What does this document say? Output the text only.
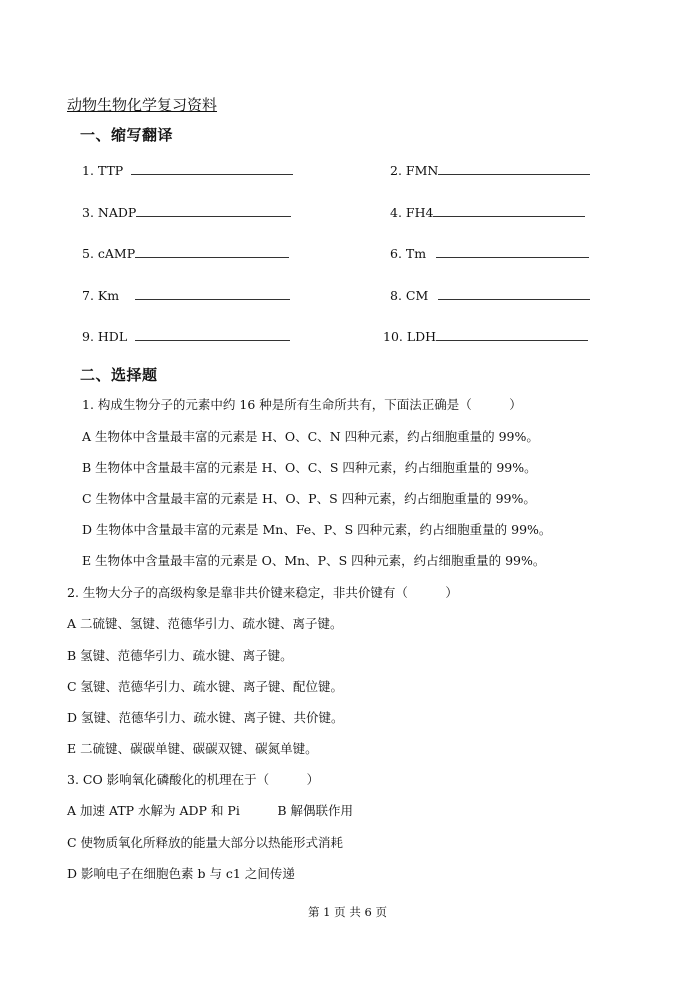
动物生物化学复习资料
一、缩写翻译
1. TTP	2. FMN
3. NADP	4. FH4
5. cAMP	6. Tm
7. Km	8. CM
9. HDL	10. LDH
二、选择题
1. 构成生物分子的元素中约 16 种是所有生命所共有，下面法正确是（　　　）
A 生物体中含量最丰富的元素是 H、O、C、N 四种元素，约占细胞重量的 99%。
B 生物体中含量最丰富的元素是 H、O、C、S 四种元素，约占细胞重量的 99%。
C 生物体中含量最丰富的元素是 H、O、P、S 四种元素，约占细胞重量的 99%。
D 生物体中含量最丰富的元素是 Mn、Fe、P、S 四种元素，约占细胞重量的 99%。
E 生物体中含量最丰富的元素是 O、Mn、P、S 四种元素，约占细胞重量的 99%。
2. 生物大分子的高级构象是靠非共价键来稳定，非共价键有（　　　）
A 二硫键、氢键、范德华引力、疏水键、离子键。
B 氢键、范德华引力、疏水键、离子键。
C 氢键、范德华引力、疏水键、离子键、配位键。
D 氢键、范德华引力、疏水键、离子键、共价键。
E 二硫键、碳碳单键、碳碳双键、碳氮单键。
3. CO 影响氧化磷酸化的机理在于（　　　）
A 加速 ATP 水解为 ADP 和 Pi　　　B 解偶联作用
C 使物质氧化所释放的能量大部分以热能形式消耗
D 影响电子在细胞色素 b 与 c1 之间传递
第 1 页 共 6 页
